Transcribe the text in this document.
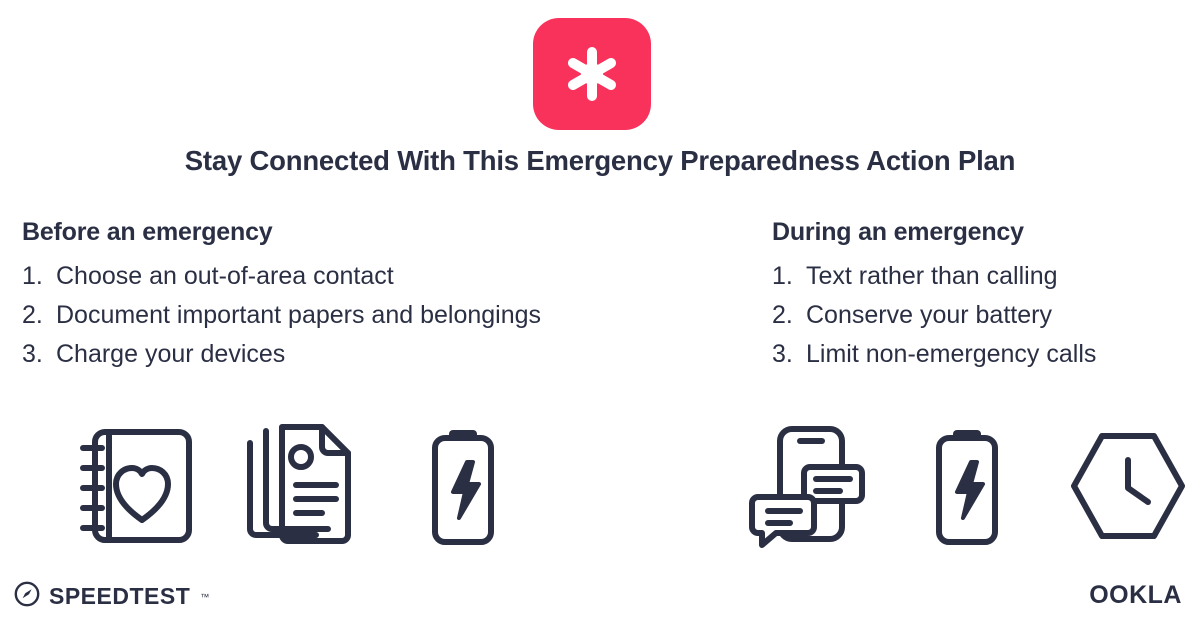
Stay Connected With This Emergency Preparedness Action Plan
Before an emergency
1. Choose an out-of-area contact
2. Document important papers and belongings
3. Charge your devices
During an emergency
1. Text rather than calling
2. Conserve your battery
3. Limit non-emergency calls
SPEEDTEST ™	OOKLA
